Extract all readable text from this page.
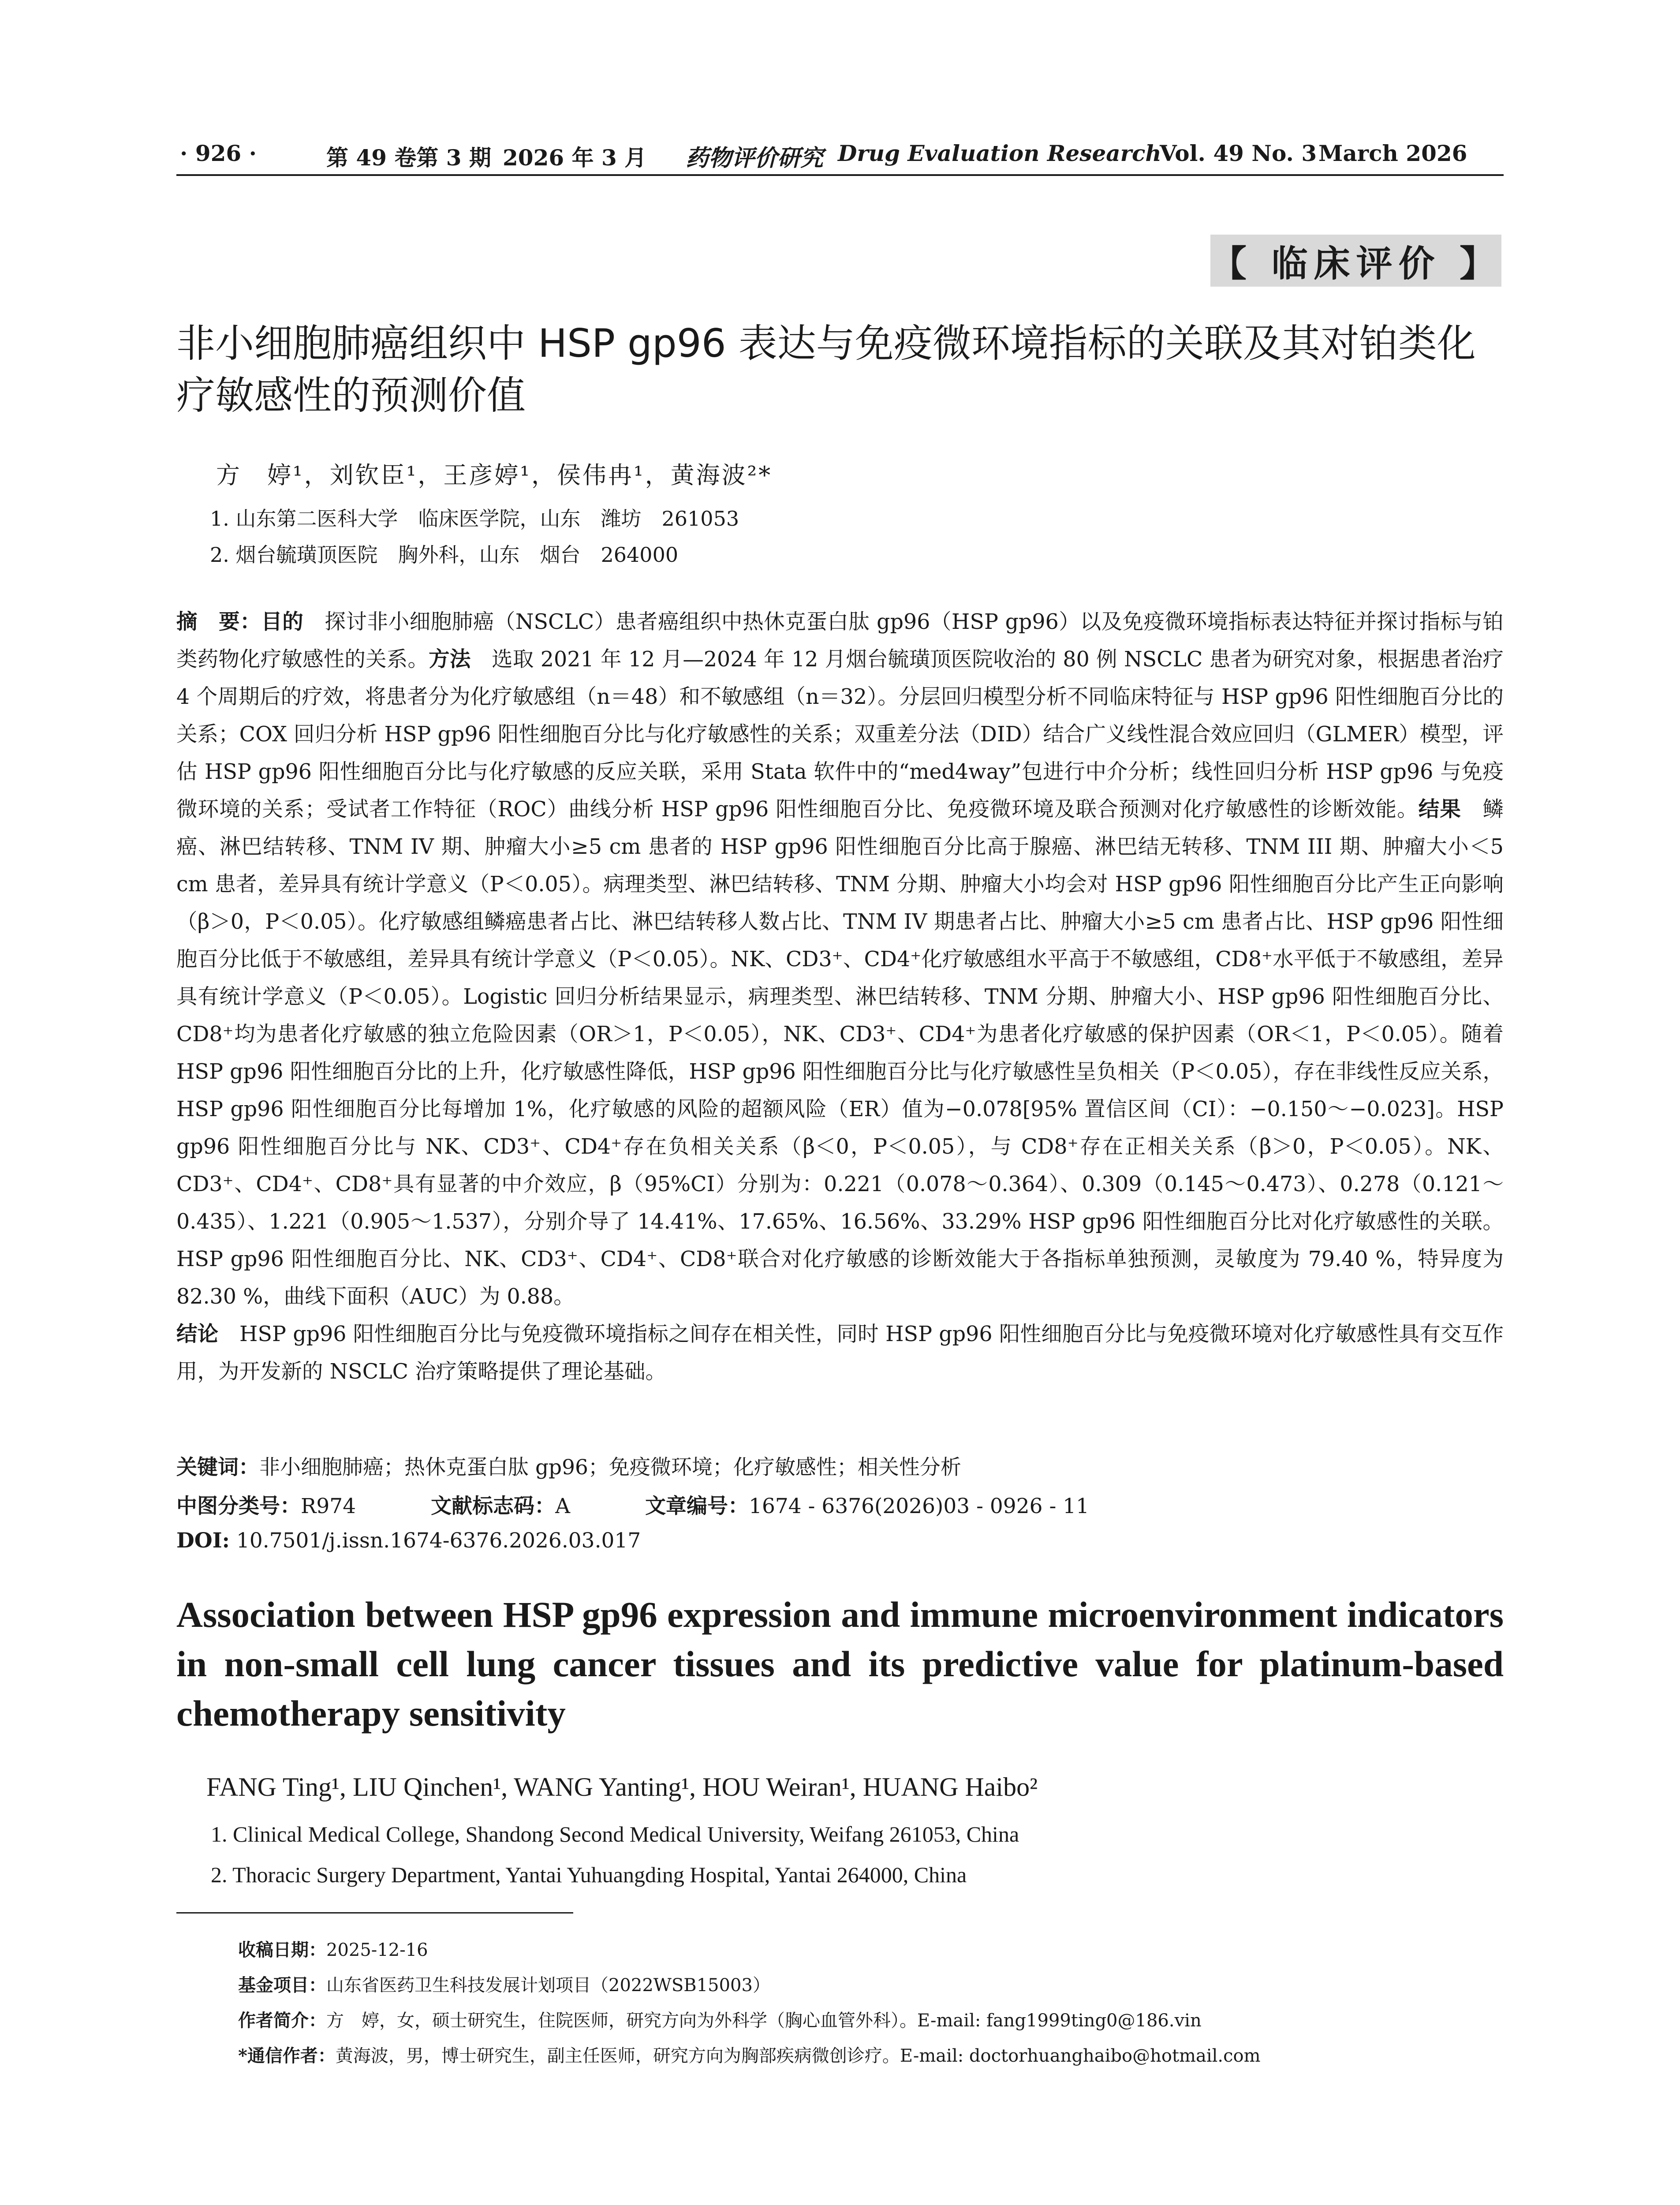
· 926 ·	第 49 卷第 3 期 2026 年 3 月 药物评价研究 Drug Evaluation Research
Vol. 49 No. 3 March 2026
【 临床评价 】
非小细胞肺癌组织中 HSP gp96 表达与免疫微环境指标的关联及其对铂类化疗敏感性的预测价值
方　婷¹，刘钦臣¹，王彦婷¹，侯伟冉¹，黄海波²*
1. 山东第二医科大学　临床医学院，山东　潍坊　261053
2. 烟台毓璜顶医院　胸外科，山东　烟台　264000
摘　要：目的　探讨非小细胞肺癌（NSCLC）患者癌组织中热休克蛋白肽 gp96（HSP gp96）以及免疫微环境指标表达特征并探讨指标与铂类药物化疗敏感性的关系。方法　选取 2021 年 12 月—2024 年 12 月烟台毓璜顶医院收治的 80 例 NSCLC 患者为研究对象，根据患者治疗 4 个周期后的疗效，将患者分为化疗敏感组（n＝48）和不敏感组（n＝32）。分层回归模型分析不同临床特征与 HSP gp96 阳性细胞百分比的关系；COX 回归分析 HSP gp96 阳性细胞百分比与化疗敏感性的关系；双重差分法（DID）结合广义线性混合效应回归（GLMER）模型，评估 HSP gp96 阳性细胞百分比与化疗敏感的反应关联，采用 Stata 软件中的“med4way”包进行中介分析；线性回归分析 HSP gp96 与免疫微环境的关系；受试者工作特征（ROC）曲线分析 HSP gp96 阳性细胞百分比、免疫微环境及联合预测对化疗敏感性的诊断效能。结果　鳞癌、淋巴结转移、TNM IV 期、肿瘤大小≥5 cm 患者的 HSP gp96 阳性细胞百分比高于腺癌、淋巴结无转移、TNM III 期、肿瘤大小＜5 cm 患者，差异具有统计学意义（P＜0.05）。病理类型、淋巴结转移、TNM 分期、肿瘤大小均会对 HSP gp96 阳性细胞百分比产生正向影响（β＞0，P＜0.05）。化疗敏感组鳞癌患者占比、淋巴结转移人数占比、TNM IV 期患者占比、肿瘤大小≥5 cm 患者占比、HSP gp96 阳性细胞百分比低于不敏感组，差异具有统计学意义（P＜0.05）。NK、CD3⁺、CD4⁺化疗敏感组水平高于不敏感组，CD8⁺水平低于不敏感组，差异具有统计学意义（P＜0.05）。Logistic 回归分析结果显示，病理类型、淋巴结转移、TNM 分期、肿瘤大小、HSP gp96 阳性细胞百分比、CD8⁺均为患者化疗敏感的独立危险因素（OR＞1，P＜0.05），NK、CD3⁺、CD4⁺为患者化疗敏感的保护因素（OR＜1，P＜0.05）。随着 HSP gp96 阳性细胞百分比的上升，化疗敏感性降低，HSP gp96 阳性细胞百分比与化疗敏感性呈负相关（P＜0.05），存在非线性反应关系，HSP gp96 阳性细胞百分比每增加 1%，化疗敏感的风险的超额风险（ER）值为−0.078[95% 置信区间（CI）：−0.150～−0.023]。HSP gp96 阳性细胞百分比与 NK、CD3⁺、CD4⁺存在负相关关系（β＜0，P＜0.05），与 CD8⁺存在正相关关系（β＞0，P＜0.05）。NK、CD3⁺、CD4⁺、CD8⁺具有显著的中介效应，β（95%CI）分别为：0.221（0.078～0.364）、0.309（0.145～0.473）、0.278（0.121～0.435）、1.221（0.905～1.537），分别介导了 14.41%、17.65%、16.56%、33.29% HSP gp96 阳性细胞百分比对化疗敏感性的关联。HSP gp96 阳性细胞百分比、NK、CD3⁺、CD4⁺、CD8⁺联合对化疗敏感的诊断效能大于各指标单独预测，灵敏度为 79.40 %，特异度为 82.30 %，曲线下面积（AUC）为 0.88。
结论　HSP gp96 阳性细胞百分比与免疫微环境指标之间存在相关性，同时 HSP gp96 阳性细胞百分比与免疫微环境对化疗敏感性具有交互作用，为开发新的 NSCLC 治疗策略提供了理论基础。
关键词：非小细胞肺癌；热休克蛋白肽 gp96；免疫微环境；化疗敏感性；相关性分析
中图分类号：R974	文献标志码：A	文章编号：1674 - 6376(2026)03 - 0926 - 11
DOI: 10.7501/j.issn.1674-6376.2026.03.017
Association between HSP gp96 expression and immune microenvironment indicators in non-small cell lung cancer tissues and its predictive value for platinum-based chemotherapy sensitivity
FANG Ting¹, LIU Qinchen¹, WANG Yanting¹, HOU Weiran¹, HUANG Haibo²
1. Clinical Medical College, Shandong Second Medical University, Weifang 261053, China
2. Thoracic Surgery Department, Yantai Yuhuangding Hospital, Yantai 264000, China
收稿日期：2025-12-16
基金项目：山东省医药卫生科技发展计划项目（2022WSB15003）
作者简介：方　婷，女，硕士研究生，住院医师，研究方向为外科学（胸心血管外科）。E-mail: fang1999ting0@186.vin
*通信作者：黄海波，男，博士研究生，副主任医师，研究方向为胸部疾病微创诊疗。E-mail: doctorhuanghaibo@hotmail.com
